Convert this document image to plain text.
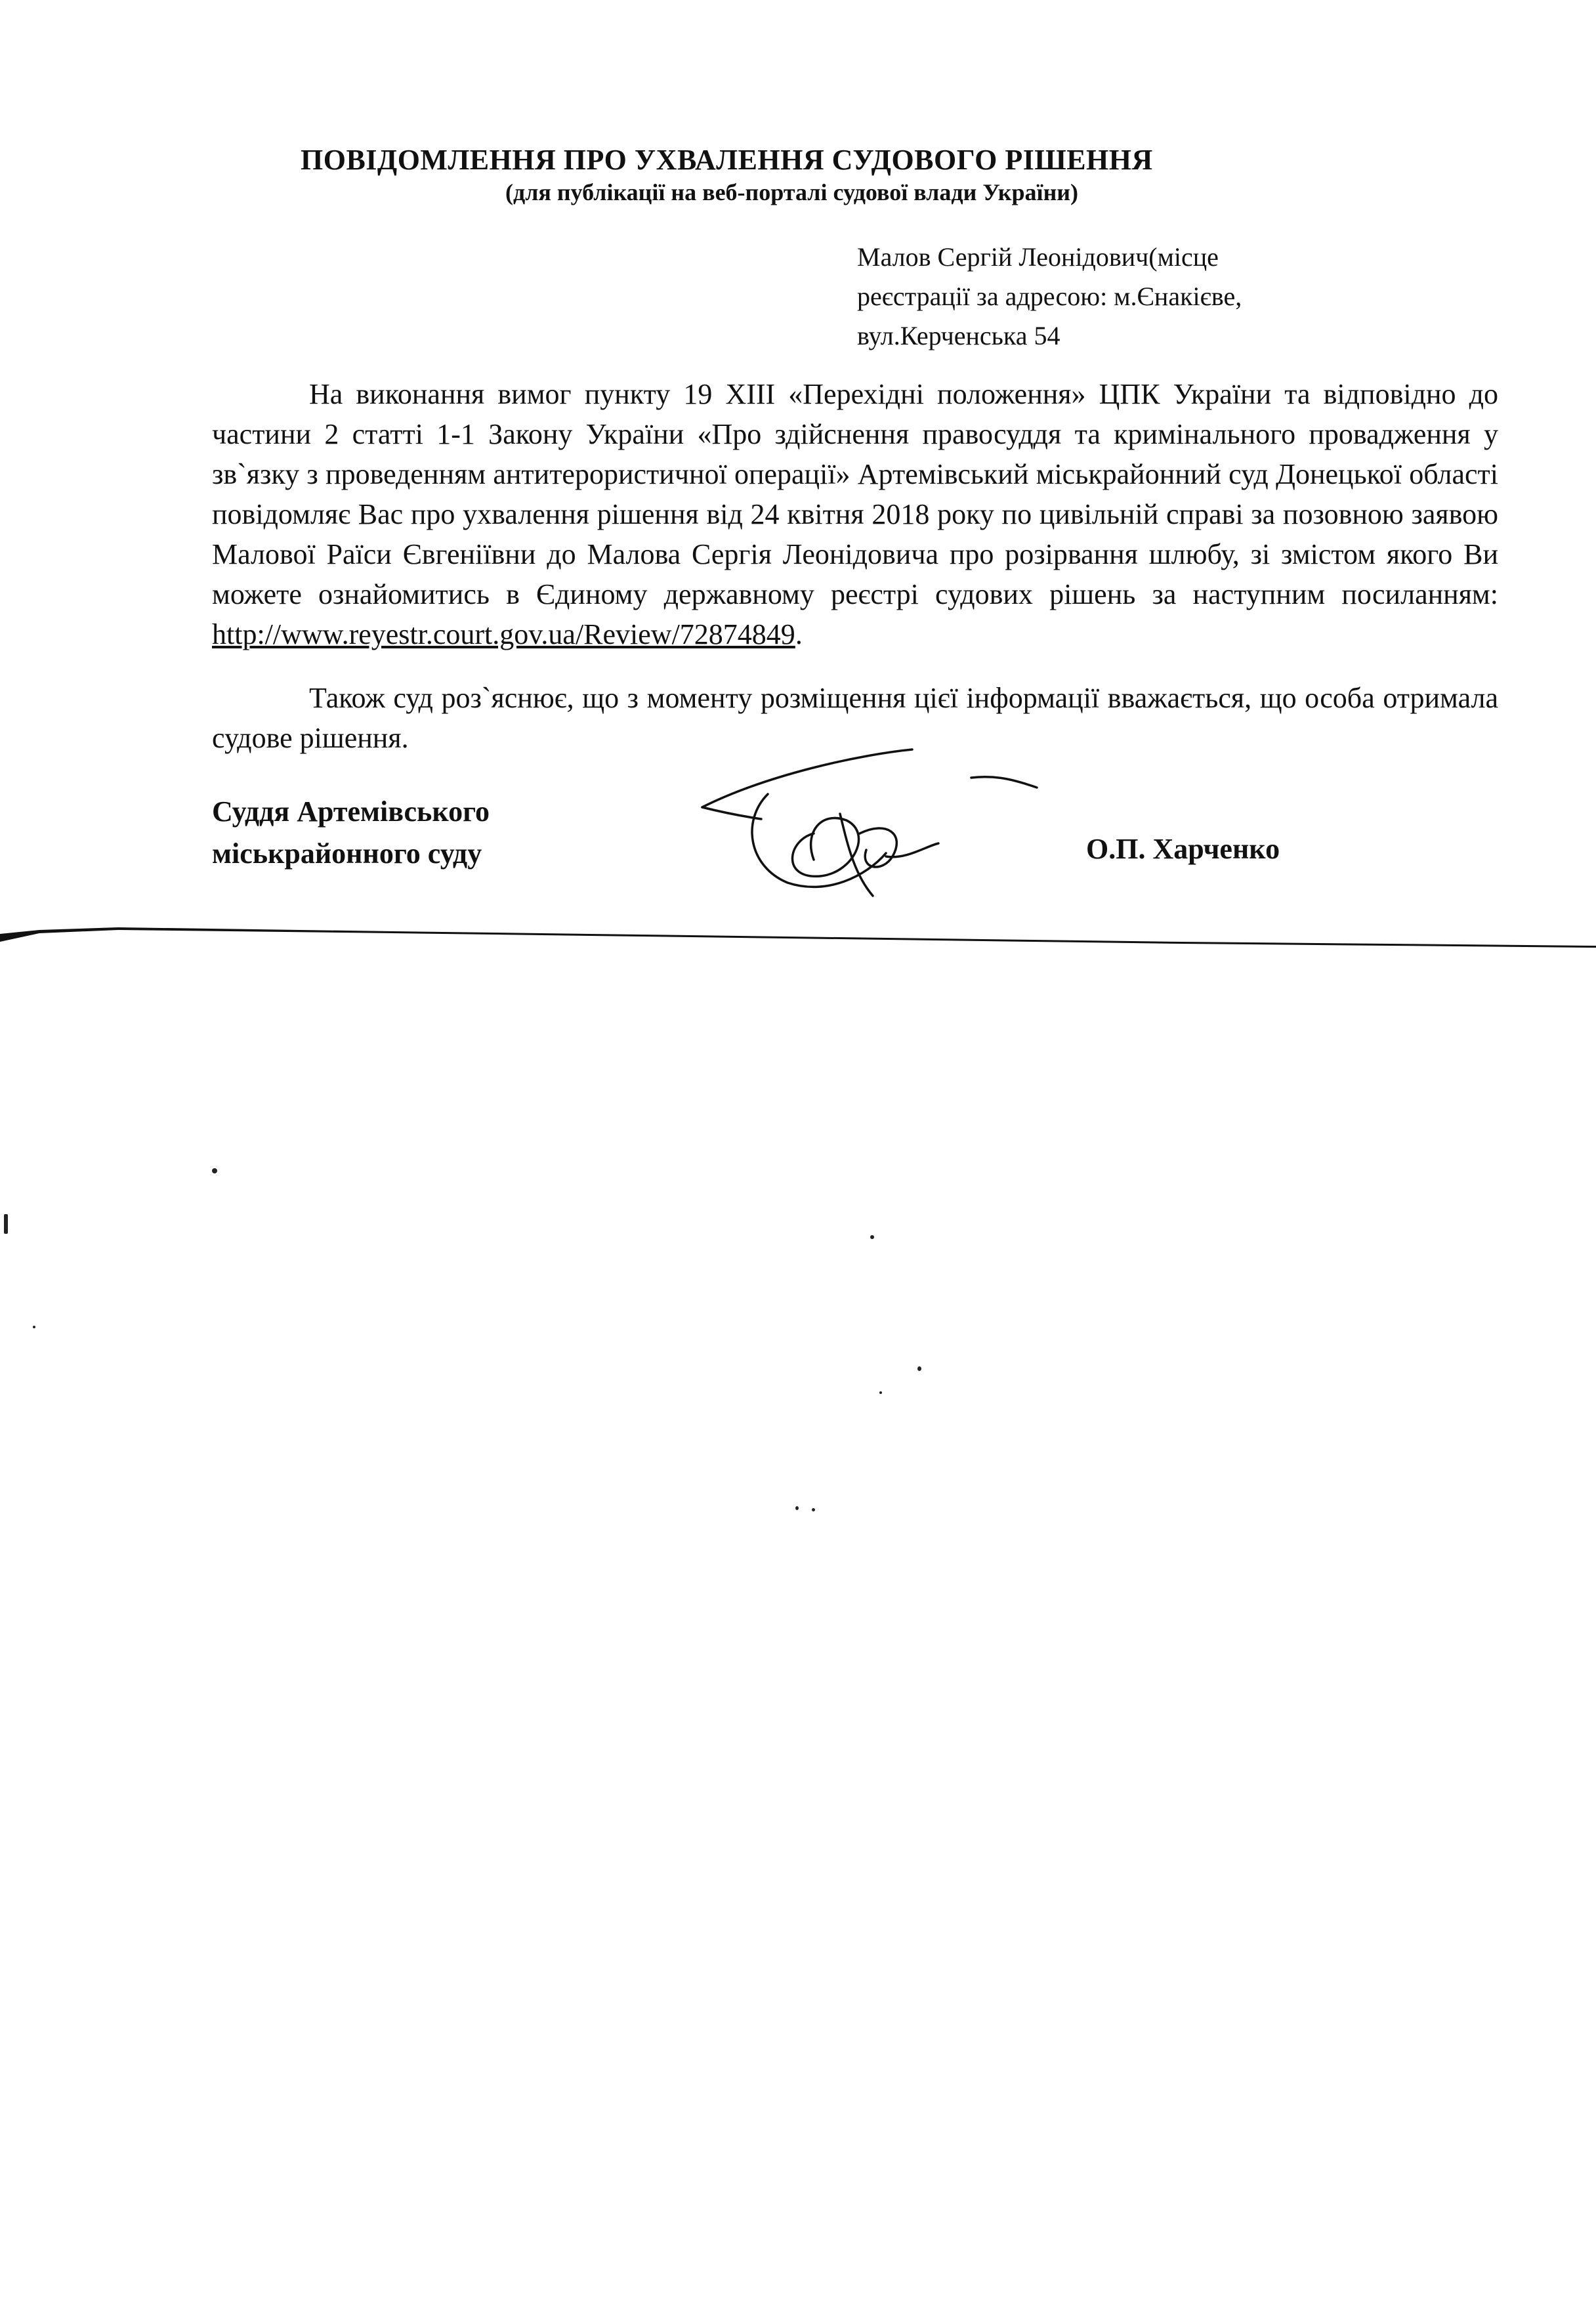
ПОВІДОМЛЕННЯ ПРО УХВАЛЕННЯ СУДОВОГО РІШЕННЯ
(для публікації на веб-порталі судової влади України)
Малов Сергій Леонідович(місце
реєстрації за адресою: м.Єнакієве,
вул.Керченська 54

На виконання вимог пункту 19 ХІІІ «Перехідні положення» ЦПК України та відповідно до частини 2 статті 1-1 Закону України «Про здійснення правосуддя та кримінального провадження у зв`язку з проведенням антитерористичної операції» Артемівський міськрайонний суд Донецької області повідомляє Вас про ухвалення рішення від 24 квітня 2018 року по цивільній справі за позовною заявою Малової Раїси Євгеніївни до Малова Сергія Леонідовича про розірвання шлюбу, зі змістом якого Ви можете ознайомитись в Єдиному державному реєстрі судових рішень за наступним посиланням: http://www.reyestr.court.gov.ua/Review/72874849.

Також суд роз`яснює, що з моменту розміщення цієї інформації вважається, що особа отримала судове рішення.

Суддя Артемівського
міськрайонного суду	О.П. Харченко
